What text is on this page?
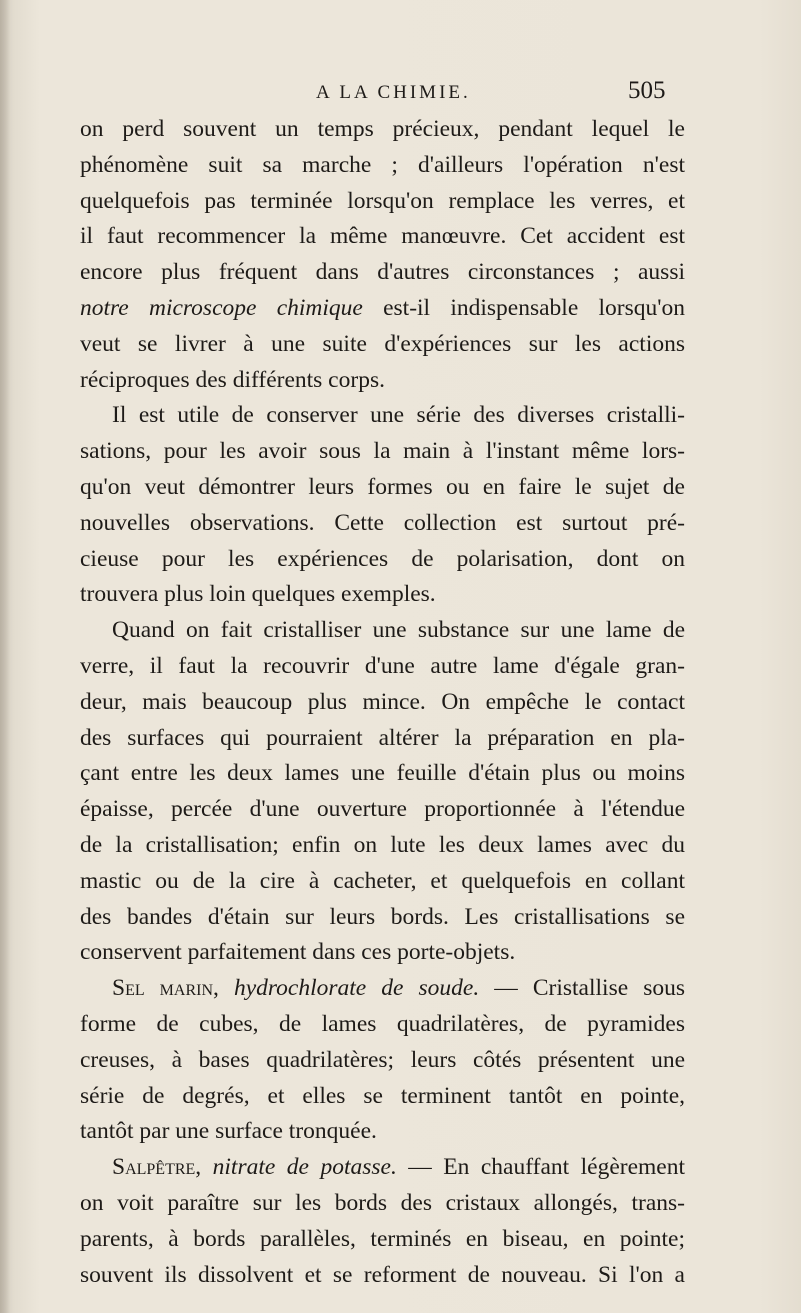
A LA CHIMIE.	505
on perd souvent un temps précieux, pendant lequel le
phénomène suit sa marche ; d'ailleurs l'opération n'est
quelquefois pas terminée lorsqu'on remplace les verres, et
il faut recommencer la même manœuvre. Cet accident est
encore plus fréquent dans d'autres circonstances ; aussi
notre microscope chimique est-il indispensable lorsqu'on
veut se livrer à une suite d'expériences sur les actions
réciproques des différents corps.
Il est utile de conserver une série des diverses cristalli-
sations, pour les avoir sous la main à l'instant même lors-
qu'on veut démontrer leurs formes ou en faire le sujet de
nouvelles observations. Cette collection est surtout pré-
cieuse pour les expériences de polarisation, dont on
trouvera plus loin quelques exemples.
Quand on fait cristalliser une substance sur une lame de
verre, il faut la recouvrir d'une autre lame d'égale gran-
deur, mais beaucoup plus mince. On empêche le contact
des surfaces qui pourraient altérer la préparation en pla-
çant entre les deux lames une feuille d'étain plus ou moins
épaisse, percée d'une ouverture proportionnée à l'étendue
de la cristallisation; enfin on lute les deux lames avec du
mastic ou de la cire à cacheter, et quelquefois en collant
des bandes d'étain sur leurs bords. Les cristallisations se
conservent parfaitement dans ces porte-objets.
Sel marin, hydrochlorate de soude. — Cristallise sous
forme de cubes, de lames quadrilatères, de pyramides
creuses, à bases quadrilatères; leurs côtés présentent une
série de degrés, et elles se terminent tantôt en pointe,
tantôt par une surface tronquée.
Salpêtre, nitrate de potasse. — En chauffant légèrement
on voit paraître sur les bords des cristaux allongés, trans-
parents, à bords parallèles, terminés en biseau, en pointe;
souvent ils dissolvent et se reforment de nouveau. Si l'on a
